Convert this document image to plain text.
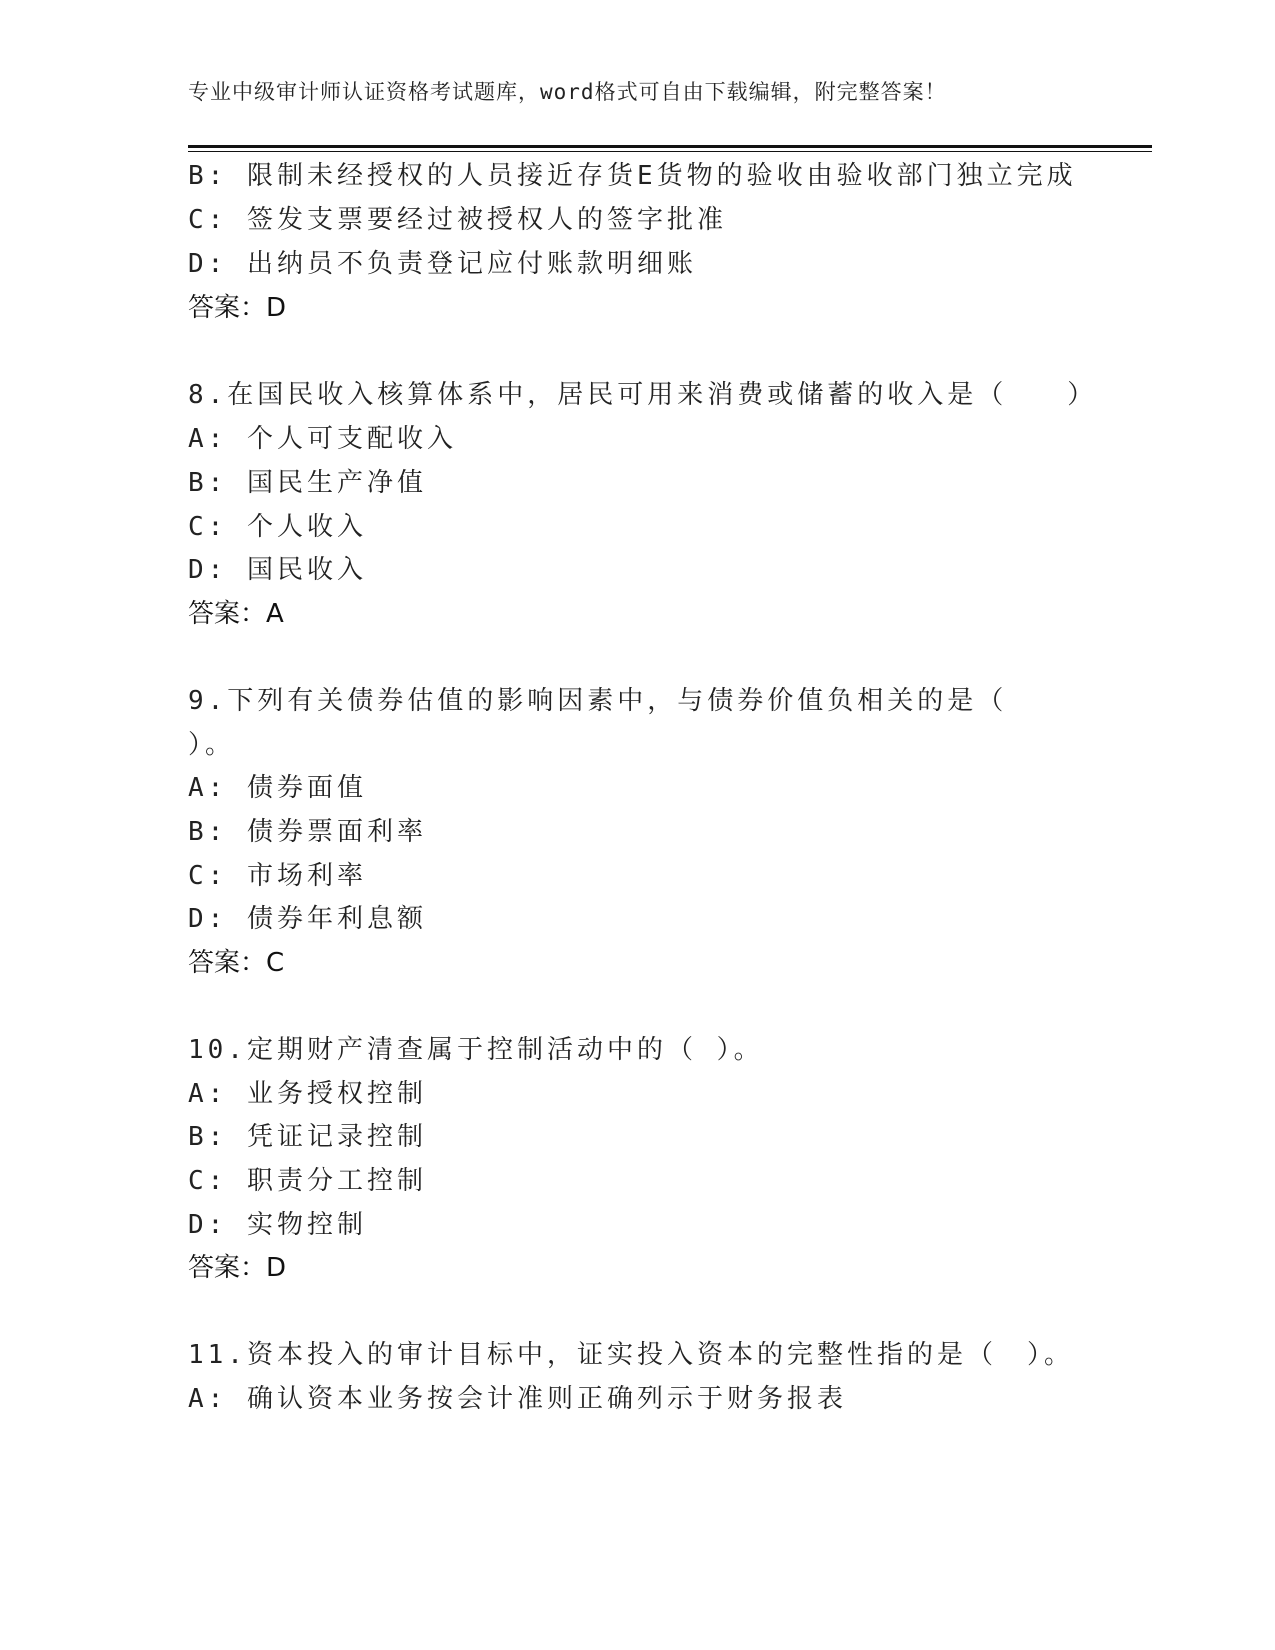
专业中级审计师认证资格考试题库，word格式可自由下载编辑，附完整答案！
B: 限制未经授权的人员接近存货E货物的验收由验收部门独立完成
C: 签发支票要经过被授权人的签字批准
D: 出纳员不负责登记应付账款明细账
答案：D
8.在国民收入核算体系中，居民可用来消费或储蓄的收入是（　　）
A: 个人可支配收入
B: 国民生产净值
C: 个人收入
D: 国民收入
答案：A
9.下列有关债券估值的影响因素中，与债券价值负相关的是（
）。
A: 债券面值
B: 债券票面利率
C: 市场利率
D: 债券年利息额
答案：C
10.定期财产清查属于控制活动中的（ ）。
A: 业务授权控制
B: 凭证记录控制
C: 职责分工控制
D: 实物控制
答案：D
11.资本投入的审计目标中，证实投入资本的完整性指的是（　）。
A: 确认资本业务按会计准则正确列示于财务报表
